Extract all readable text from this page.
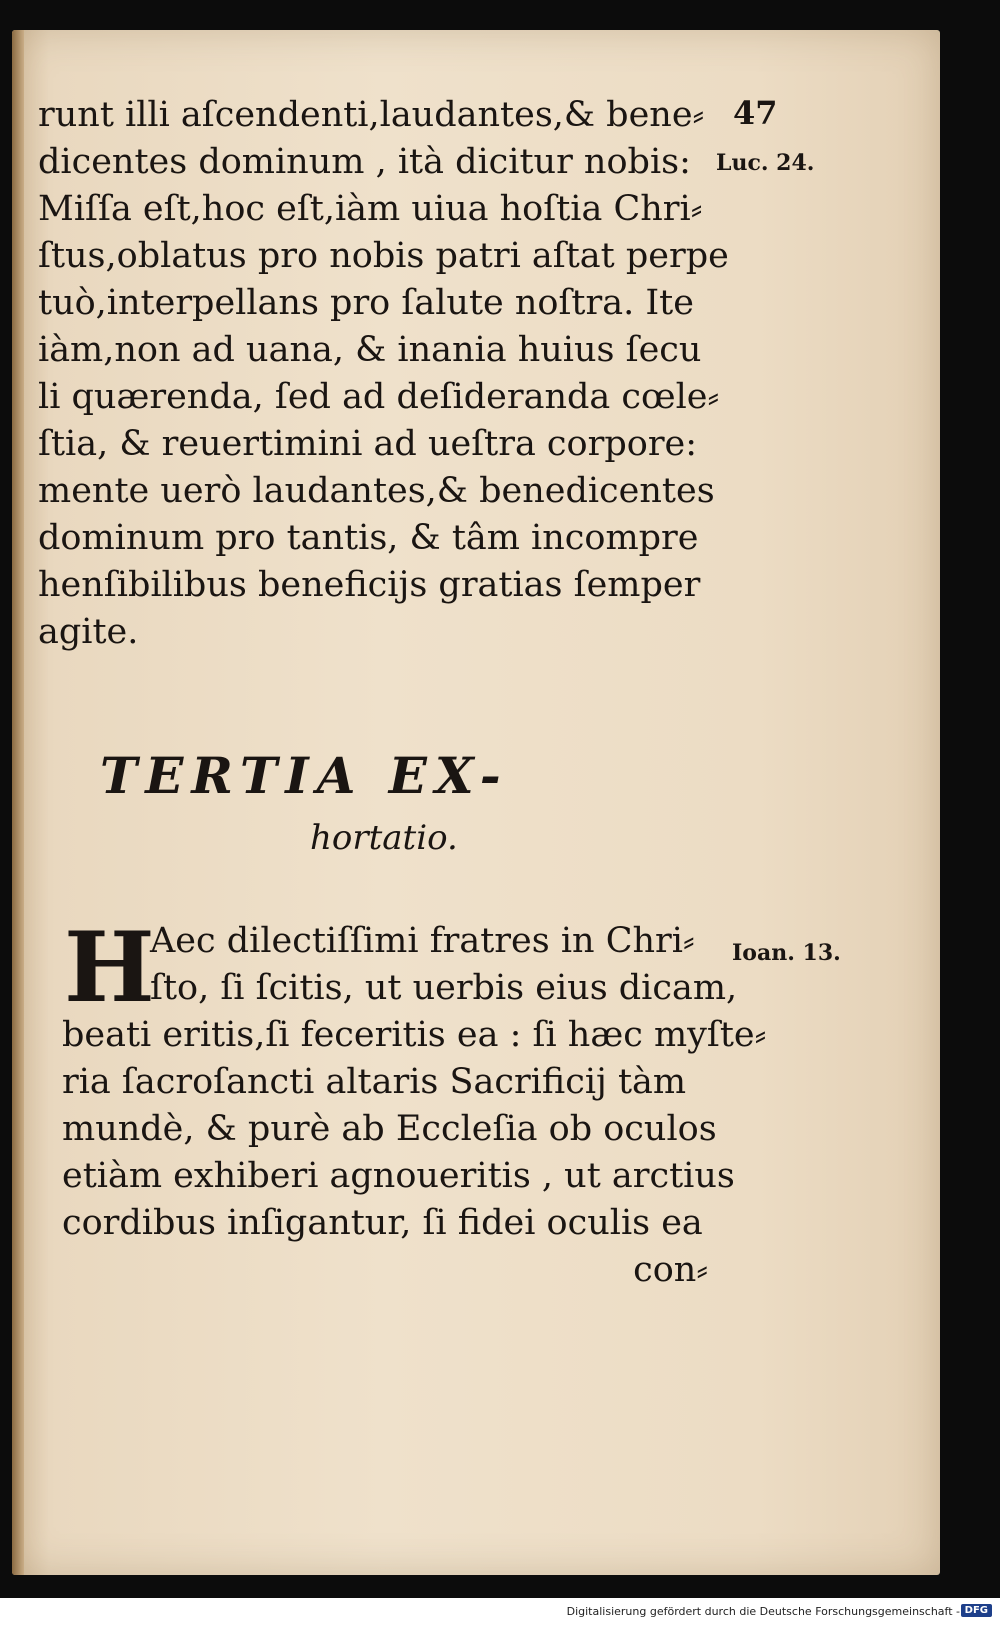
47
Luc. 24.
runt illi aſcendenti,laudantes,& bene⸗
dicentes dominum , ità dicitur nobis:
Miſſa eſt,hoc eſt,iàm uiua hoſtia Chri⸗
ſtus,oblatus pro nobis patri aſtat perpe
tuò,interpellans pro ſalute noſtra. Ite
iàm,non ad uana, & inania huius ſecu
li quærenda, ſed ad deſideranda cœle⸗
ſtia, & reuertimini ad ueſtra corpore:
mente uerò laudantes,& benedicentes
dominum pro tantis, & tâm incompre
henſibilibus beneficijs gratias ſemper
agite.
TERTIA EX-
hortatio.
H	Ioan. 13.
Aec dilectiſſimi fratres in Chri⸗
ſto, ſi ſcitis, ut uerbis eius dicam,
beati eritis,ſi feceritis ea : ſi hæc myſte⸗
ria ſacroſancti altaris Sacrificij tàm
mundè, & purè ab Eccleſia ob oculos
etiàm exhiberi agnoueritis , ut arctius
cordibus inſigantur, ſi fidei oculis ea
con⸗
Digitalisierung gefördert durch die Deutsche Forschungsgemeinschaft - DFG
